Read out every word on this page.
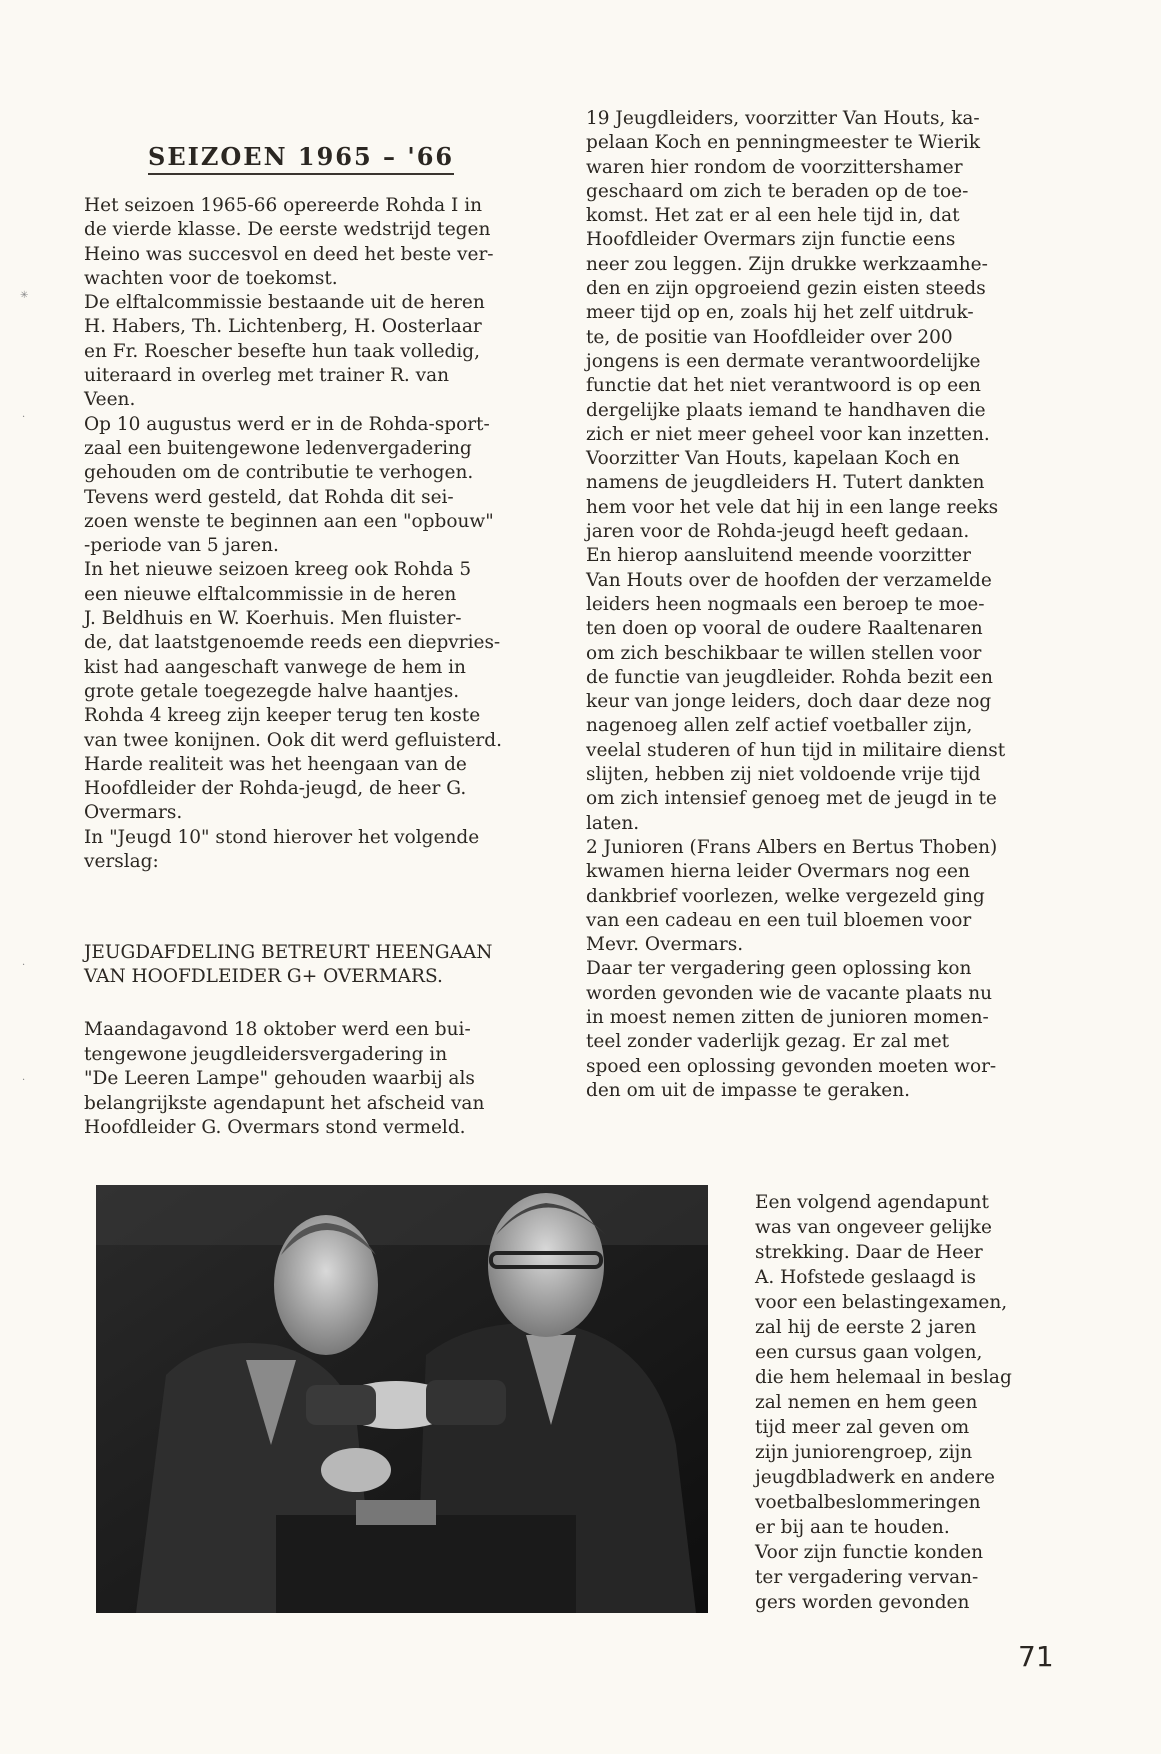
SEIZOEN 1965 – '66

Het seizoen 1965-66 opereerde Rohda I in

de vierde klasse. De eerste wedstrijd tegen

Heino was succesvol en deed het beste ver-

wachten voor de toekomst.

De elftalcommissie bestaande uit de heren

H. Habers, Th. Lichtenberg, H. Oosterlaar

en Fr. Roescher besefte hun taak volledig,

uiteraard in overleg met trainer R. van

Veen.

Op 10 augustus werd er in de Rohda-sport-

zaal een buitengewone ledenvergadering

gehouden om de contributie te verhogen.

Tevens werd gesteld, dat Rohda dit sei-

zoen wenste te beginnen aan een "opbouw"

-periode van 5 jaren.

In het nieuwe seizoen kreeg ook Rohda 5

een nieuwe elftalcommissie in de heren

J. Beldhuis en W. Koerhuis. Men fluister-

de, dat laatstgenoemde reeds een diepvries-

kist had aangeschaft vanwege de hem in

grote getale toegezegde halve haantjes.

Rohda 4 kreeg zijn keeper terug ten koste

van twee konijnen. Ook dit werd gefluisterd.

Harde realiteit was het heengaan van de

Hoofdleider der Rohda-jeugd, de heer G.

Overmars.

In "Jeugd 10" stond hierover het volgende

verslag:

JEUGDAFDELING BETREURT HEENGAAN

VAN HOOFDLEIDER G+ OVERMARS.

Maandagavond 18 oktober werd een bui-

tengewone jeugdleidersvergadering in

"De Leeren Lampe" gehouden waarbij als

belangrijkste agendapunt het afscheid van

Hoofdleider G. Overmars stond vermeld.

19 Jeugdleiders, voorzitter Van Houts, ka-

pelaan Koch en penningmeester te Wierik

waren hier rondom de voorzittershamer

geschaard om zich te beraden op de toe-

komst. Het zat er al een hele tijd in, dat

Hoofdleider Overmars zijn functie eens

neer zou leggen. Zijn drukke werkzaamhe-

den en zijn opgroeiend gezin eisten steeds

meer tijd op en, zoals hij het zelf uitdruk-

te, de positie van Hoofdleider over 200

jongens is een dermate verantwoordelijke

functie dat het niet verantwoord is op een

dergelijke plaats iemand te handhaven die

zich er niet meer geheel voor kan inzetten.

Voorzitter Van Houts, kapelaan Koch en

namens de jeugdleiders H. Tutert dankten

hem voor het vele dat hij in een lange reeks

jaren voor de Rohda-jeugd heeft gedaan.

En hierop aansluitend meende voorzitter

Van Houts over de hoofden der verzamelde

leiders heen nogmaals een beroep te moe-

ten doen op vooral de oudere Raaltenaren

om zich beschikbaar te willen stellen voor

de functie van jeugdleider. Rohda bezit een

keur van jonge leiders, doch daar deze nog

nagenoeg allen zelf actief voetballer zijn,

veelal studeren of hun tijd in militaire dienst

slijten, hebben zij niet voldoende vrije tijd

om zich intensief genoeg met de jeugd in te

laten.

2 Junioren (Frans Albers en Bertus Thoben)

kwamen hierna leider Overmars nog een

dankbrief voorlezen, welke vergezeld ging

van een cadeau en een tuil bloemen voor

Mevr. Overmars.

Daar ter vergadering geen oplossing kon

worden gevonden wie de vacante plaats nu

in moest nemen zitten de junioren momen-

teel zonder vaderlijk gezag. Er zal met

spoed een oplossing gevonden moeten wor-

den om uit de impasse te geraken.

Een volgend agendapunt

was van ongeveer gelijke

strekking. Daar de Heer

A. Hofstede geslaagd is

voor een belastingexamen,

zal hij de eerste 2 jaren

een cursus gaan volgen,

die hem helemaal in beslag

zal nemen en hem geen

tijd meer zal geven om

zijn juniorengroep, zijn

jeugdbladwerk en andere

voetbalbeslommeringen

er bij aan te houden.

Voor zijn functie konden

ter vergadering vervan-

gers worden gevonden

71
✳
·
·
·
